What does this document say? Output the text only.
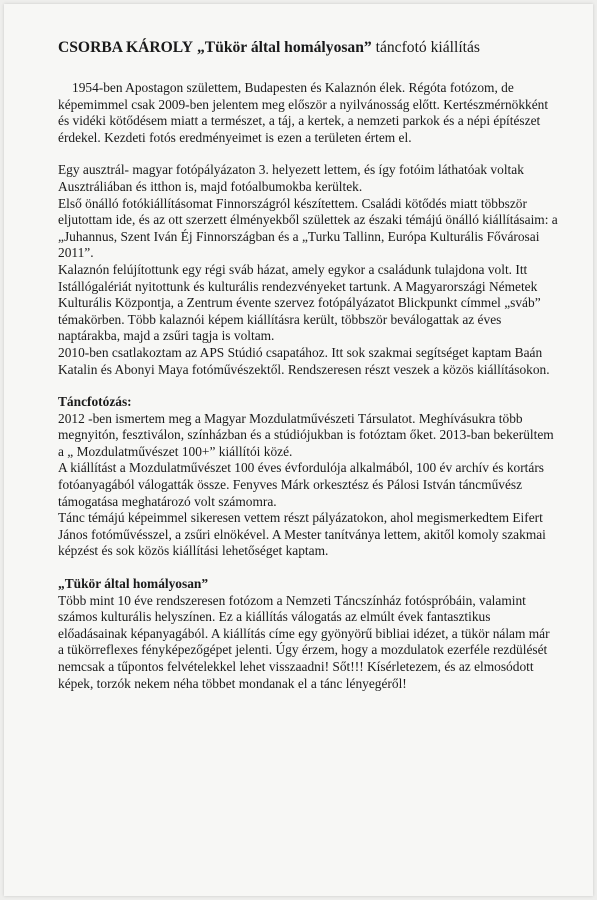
CSORBA KÁROLY „Tükör által homályosan” táncfotó kiállítás

1954-ben Apostagon születtem, Budapesten és Kalaznón élek. Régóta fotózom, de képemimmel csak 2009-ben jelentem meg először a nyilvánosság előtt. Kertészmérnökként és vidéki kötődésem miatt a természet, a táj, a kertek, a nemzeti parkok és a népi építészet érdekel. Kezdeti fotós eredményeimet is ezen a területen értem el.

Egy ausztrál- magyar fotópályázaton 3. helyezett lettem, és így fotóim láthatóak voltak Ausztráliában és itthon is, majd fotóalbumokba kerültek.

Első önálló fotókiállításomat Finnországról készítettem. Családi kötődés miatt többször eljutottam ide, és az ott szerzett élményekből születtek az északi témájú önálló kiállításaim: a „Juhannus, Szent Iván Éj Finnországban és a „Turku Tallinn, Európa Kulturális Fővárosai 2011”.

Kalaznón felújítottunk egy régi sváb házat, amely egykor a családunk tulajdona volt. Itt Istállógalériát nyitottunk és kulturális rendezvényeket tartunk. A Magyarországi Németek Kulturális Központja, a Zentrum évente szervez fotópályázatot Blickpunkt címmel „sváb” témakörben. Több kalaznói képem kiállításra került, többször beválogattak az éves naptárakba, majd a zsűri tagja is voltam.

2010-ben csatlakoztam az APS Stúdió csapatához. Itt sok szakmai segítséget kaptam Baán Katalin és Abonyi Maya fotóművészektől. Rendszeresen részt veszek a közös kiállításokon.

Táncfotózás:

2012 -ben ismertem meg a Magyar Mozdulatművészeti Társulatot. Meghívásukra több megnyitón, fesztiválon, színházban és a stúdiójukban is fotóztam őket. 2013-ban bekerültem a „ Mozdulatművészet 100+” kiállítói közé.

A kiállítást a Mozdulatművészet 100 éves évfordulója alkalmából, 100 év archív és kortárs fotóanyagából válogatták össze. Fenyves Márk orkesztész és Pálosi István táncművész támogatása meghatározó volt számomra.

Tánc témájú képeimmel sikeresen vettem részt pályázatokon, ahol megismerkedtem Eifert János fotóművésszel, a zsűri elnökével. A Mester tanítványa lettem, akitől komoly szakmai képzést és sok közös kiállítási lehetőséget kaptam.

„Tükör által homályosan”

Több mint 10 éve rendszeresen fotózom a Nemzeti Táncszínház fotóspróbáin, valamint számos kulturális helyszínen. Ez a kiállítás válogatás az elmúlt évek fantasztikus előadásainak képanyagából. A kiállítás címe egy gyönyörű bibliai idézet, a tükör nálam már a tükörreflexes fényképezőgépet jelenti. Úgy érzem, hogy a mozdulatok ezerféle rezdülését nemcsak a tűpontos felvételekkel lehet visszaadni! Sőt!!! Kísérletezem, és az elmosódott képek, torzók nekem néha többet mondanak el a tánc lényegéről!
